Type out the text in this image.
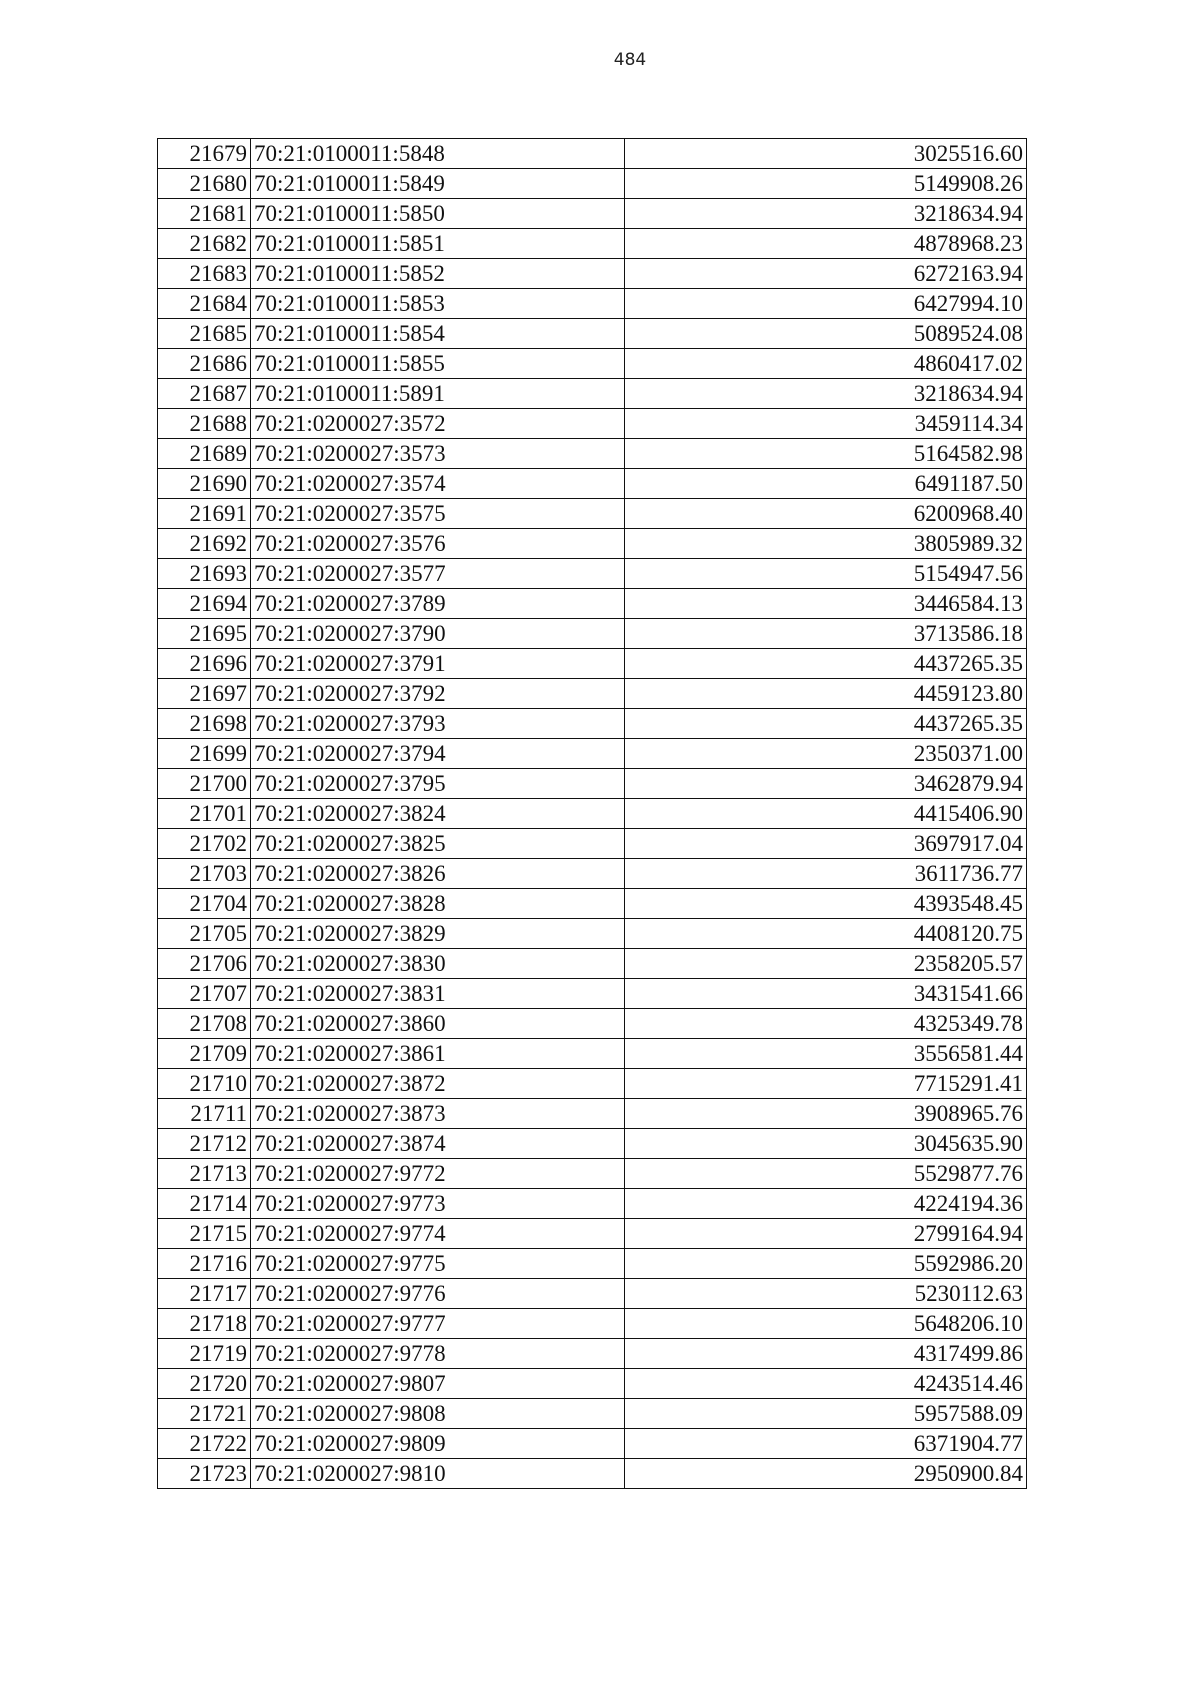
484
21679	70:21:0100011:5848	3025516.60
21680	70:21:0100011:5849	5149908.26
21681	70:21:0100011:5850	3218634.94
21682	70:21:0100011:5851	4878968.23
21683	70:21:0100011:5852	6272163.94
21684	70:21:0100011:5853	6427994.10
21685	70:21:0100011:5854	5089524.08
21686	70:21:0100011:5855	4860417.02
21687	70:21:0100011:5891	3218634.94
21688	70:21:0200027:3572	3459114.34
21689	70:21:0200027:3573	5164582.98
21690	70:21:0200027:3574	6491187.50
21691	70:21:0200027:3575	6200968.40
21692	70:21:0200027:3576	3805989.32
21693	70:21:0200027:3577	5154947.56
21694	70:21:0200027:3789	3446584.13
21695	70:21:0200027:3790	3713586.18
21696	70:21:0200027:3791	4437265.35
21697	70:21:0200027:3792	4459123.80
21698	70:21:0200027:3793	4437265.35
21699	70:21:0200027:3794	2350371.00
21700	70:21:0200027:3795	3462879.94
21701	70:21:0200027:3824	4415406.90
21702	70:21:0200027:3825	3697917.04
21703	70:21:0200027:3826	3611736.77
21704	70:21:0200027:3828	4393548.45
21705	70:21:0200027:3829	4408120.75
21706	70:21:0200027:3830	2358205.57
21707	70:21:0200027:3831	3431541.66
21708	70:21:0200027:3860	4325349.78
21709	70:21:0200027:3861	3556581.44
21710	70:21:0200027:3872	7715291.41
21711	70:21:0200027:3873	3908965.76
21712	70:21:0200027:3874	3045635.90
21713	70:21:0200027:9772	5529877.76
21714	70:21:0200027:9773	4224194.36
21715	70:21:0200027:9774	2799164.94
21716	70:21:0200027:9775	5592986.20
21717	70:21:0200027:9776	5230112.63
21718	70:21:0200027:9777	5648206.10
21719	70:21:0200027:9778	4317499.86
21720	70:21:0200027:9807	4243514.46
21721	70:21:0200027:9808	5957588.09
21722	70:21:0200027:9809	6371904.77
21723	70:21:0200027:9810	2950900.84
